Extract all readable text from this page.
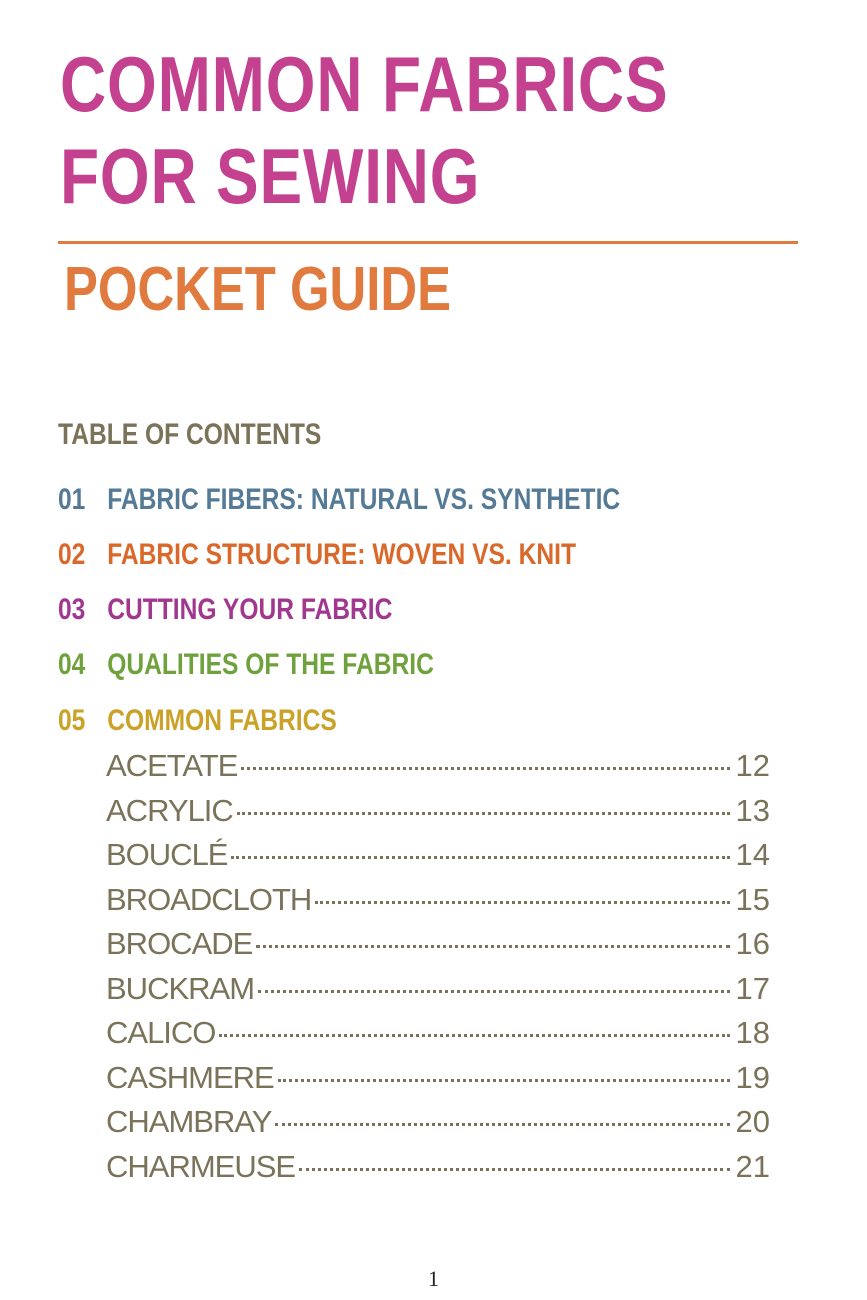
COMMON FABRICS
FOR SEWING
POCKET GUIDE
TABLE OF CONTENTS
01 FABRIC FIBERS: NATURAL VS. SYNTHETIC
02 FABRIC STRUCTURE: WOVEN VS. KNIT
03 CUTTING YOUR FABRIC
04 QUALITIES OF THE FABRIC
05 COMMON FABRICS
ACETATE	12
ACRYLIC	13
BOUCLÉ	14
BROADCLOTH	15
BROCADE	16
BUCKRAM	17
CALICO	18
CASHMERE	19
CHAMBRAY	20
CHARMEUSE	21
1
